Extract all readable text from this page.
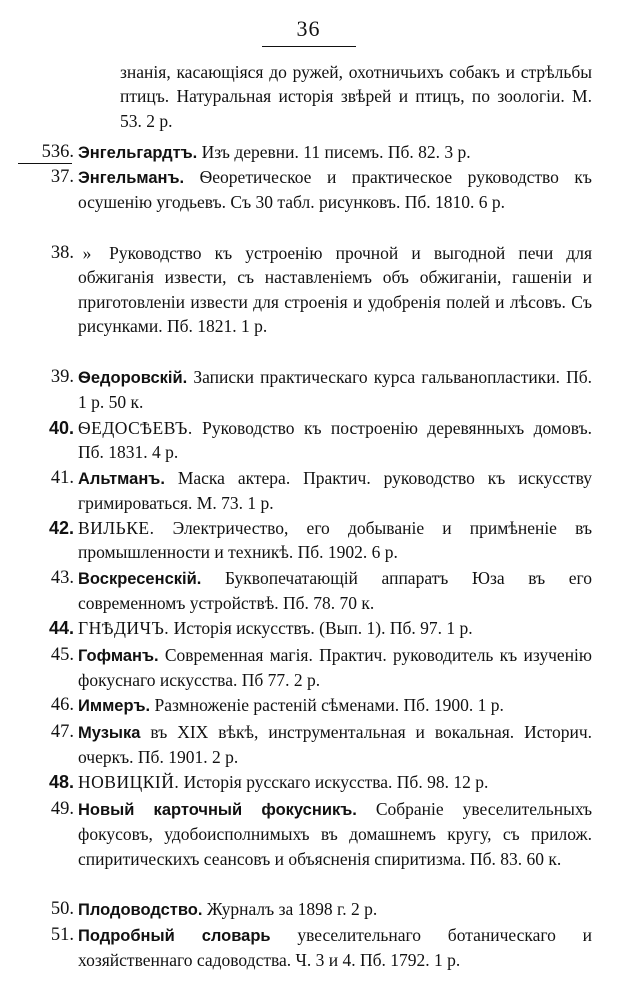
36
знанія, касающіяся до ружей, охотничьихъ собакъ и стрѣльбы птицъ. Натуральная исторія звѣрей и птицъ, по зоологіи. М. 53. 2 р.
536. Энгельгардтъ. Изъ деревни. 11 писемъ. Пб. 82. 3 р.
37. Энгельманъ. Ѳеоретическое и практическое руководство къ осушенію угодьевъ. Съ 30 табл. рисунковъ. Пб. 1810. 6 р.
38. » Руководство къ устроенію прочной и выгодной печи для обжиганія извести, съ наставленіемъ объ обжиганіи, гашеніи и приготовленіи извести для строенія и удобренія полей и лѣсовъ. Съ рисунками. Пб. 1821. 1 р.
39. Ѳедоровскій. Записки практическаго курса гальванопластики. Пб. 1 р. 50 к.
40. ѲЕДОСѢЕВЪ. Руководство къ построенію деревянныхъ домовъ. Пб. 1831. 4 р.
41. Альтманъ. Маска актера. Практич. руководство къ искусству гримироваться. М. 73. 1 р.
42. ВИЛЬКЕ. Электричество, его добываніе и примѣненіе въ промышленности и техникѣ. Пб. 1902. 6 р.
43. Воскресенскій. Буквопечатающій аппаратъ Юза въ его современномъ устройствѣ. Пб. 78. 70 к.
44. ГНѢДИЧЪ. Исторія искусствъ. (Вып. 1). Пб. 97. 1 р.
45. Гофманъ. Современная магія. Практич. руководитель къ изученію фокуснаго искусства. Пб 77. 2 р.
46. Иммеръ. Размноженіе растеній сѣменами. Пб. 1900. 1 р.
47. Музыка въ XIX вѣкѣ, инструментальная и вокальная. Историч. очеркъ. Пб. 1901. 2 р.
48. НОВИЦКІЙ. Исторія русскаго искусства. Пб. 98. 12 р.
49. Новый карточный фокусникъ. Собраніе увеселительныхъ фокусовъ, удобоисполнимыхъ въ домашнемъ кругу, съ прилож. спиритическихъ сеансовъ и объясненія спиритизма. Пб. 83. 60 к.
50. Плодоводство. Журналъ за 1898 г. 2 р.
51. Подробный словарь увеселительнаго ботаническаго и хозяйственнаго садоводства. Ч. 3 и 4. Пб. 1792. 1 р.
